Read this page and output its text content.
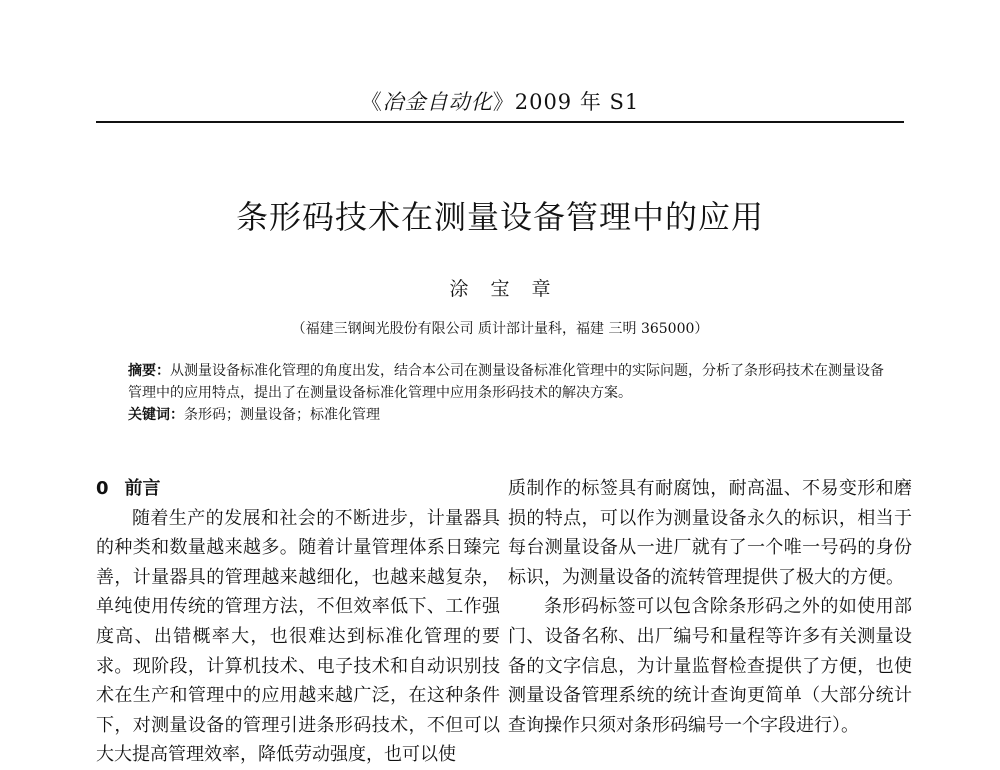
《冶金自动化》2009 年 S1
条形码技术在测量设备管理中的应用
涂宝章
（福建三钢闽光股份有限公司 质计部计量科，福建 三明 365000）

摘要：从测量设备标准化管理的角度出发，结合本公司在测量设备标准化管理中的实际问题，分析了条形码技术在测量设备管理中的应用特点，提出了在测量设备标准化管理中应用条形码技术的解决方案。

关键词：条形码；测量设备；标准化管理

0 前言

随着生产的发展和社会的不断进步，计量器具的种类和数量越来越多。随着计量管理体系日臻完善，计量器具的管理越来越细化，也越来越复杂，单纯使用传统的管理方法，不但效率低下、工作强度高、出错概率大，也很难达到标准化管理的要求。现阶段，计算机技术、电子技术和自动识别技术在生产和管理中的应用越来越广泛，在这种条件下，对测量设备的管理引进条形码技术，不但可以大大提高管理效率，降低劳动强度，也可以使

质制作的标签具有耐腐蚀，耐高温、不易变形和磨损的特点，可以作为测量设备永久的标识，相当于每台测量设备从一进厂就有了一个唯一号码的身份标识，为测量设备的流转管理提供了极大的方便。

条形码标签可以包含除条形码之外的如使用部门、设备名称、出厂编号和量程等许多有关测量设备的文字信息，为计量监督检查提供了方便，也使测量设备管理系统的统计查询更简单（大部分统计查询操作只须对条形码编号一个字段进行）。
